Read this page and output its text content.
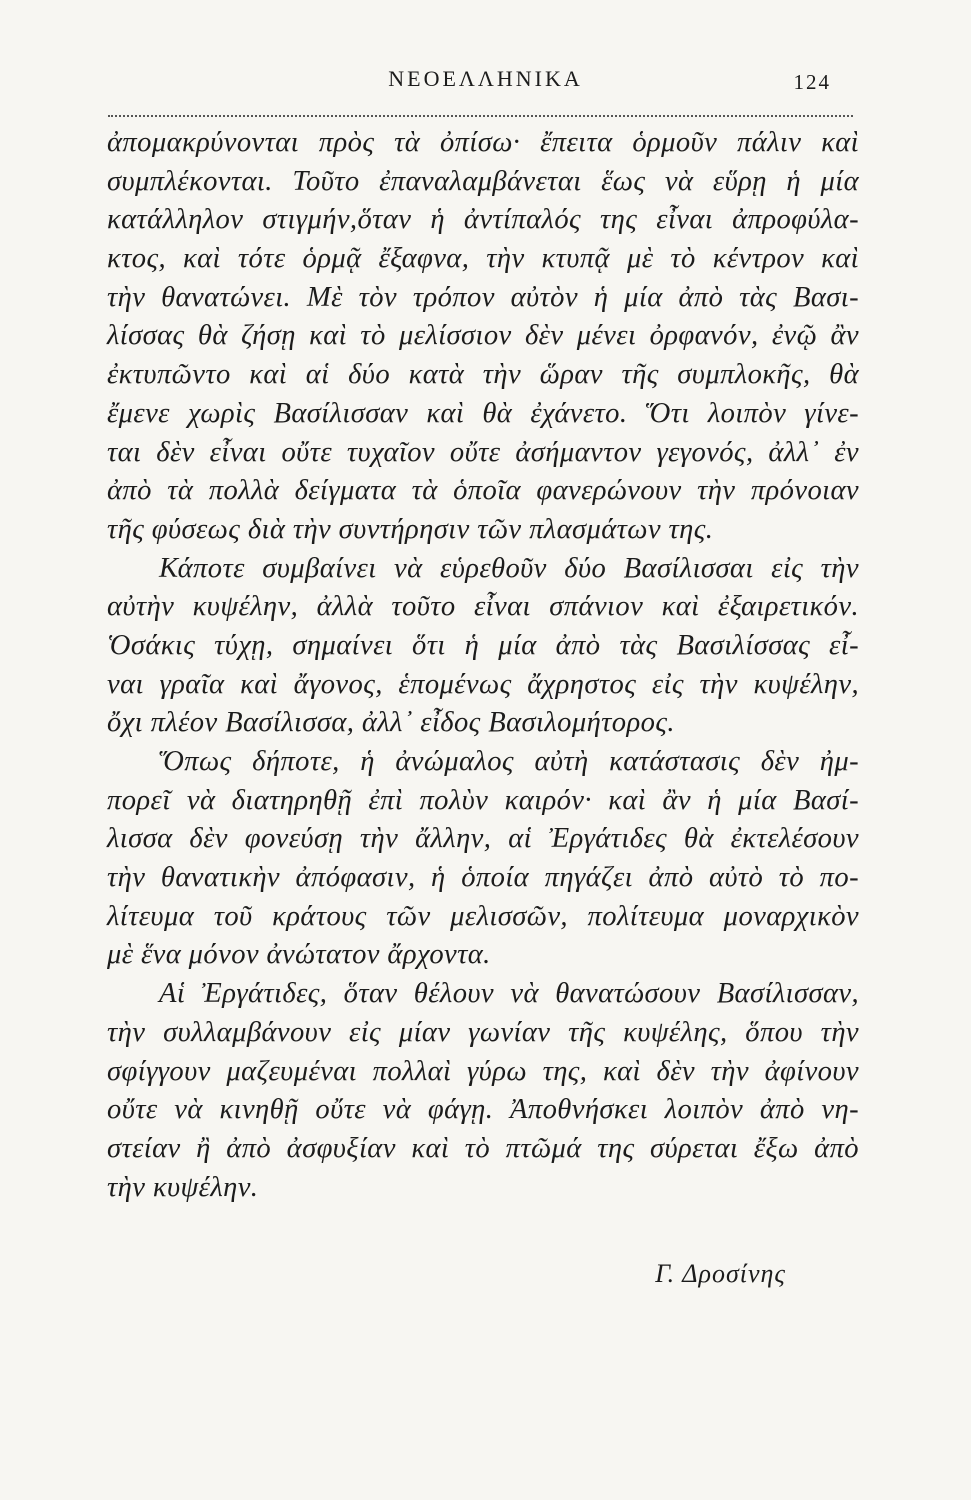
ΝΕΟΕΛΛΗΝΙΚΑ	124
ἀπομακρύνονται πρὸς τὰ ὀπίσω· ἔπειτα ὁρμοῦν πάλιν καὶ
συμπλέκονται. Τοῦτο ἐπαναλαμβάνεται ἕως νὰ εὕρῃ ἡ μία
κατάλληλον στιγμήν,ὅταν ἡ ἀντίπαλός της εἶναι ἀπροφύλα-
κτος, καὶ τότε ὁρμᾷ ἔξαφνα, τὴν κτυπᾷ μὲ τὸ κέντρον καὶ
τὴν θανατώνει. Μὲ τὸν τρόπον αὐτὸν ἡ μία ἀπὸ τὰς Βασι-
λίσσας θὰ ζήσῃ καὶ τὸ μελίσσιον δὲν μένει ὀρφανόν, ἐνῷ ἂν
ἐκτυπῶντο καὶ αἱ δύο κατὰ τὴν ὥραν τῆς συμπλοκῆς, θὰ
ἔμενε χωρὶς Βασίλισσαν καὶ θὰ ἐχάνετο. Ὅτι λοιπὸν γίνε-
ται δὲν εἶναι οὔτε τυχαῖον οὔτε ἀσήμαντον γεγονός, ἀλλ᾽ ἐν
ἀπὸ τὰ πολλὰ δείγματα τὰ ὁποῖα φανερώνουν τὴν πρόνοιαν
τῆς φύσεως διὰ τὴν συντήρησιν τῶν πλασμάτων της.
Κάποτε συμβαίνει νὰ εὑρεθοῦν δύο Βασίλισσαι εἰς τὴν
αὐτὴν κυψέλην, ἀλλὰ τοῦτο εἶναι σπάνιον καὶ ἐξαιρετικόν.
Ὁσάκις τύχῃ, σημαίνει ὅτι ἡ μία ἀπὸ τὰς Βασιλίσσας εἶ-
ναι γραῖα καὶ ἄγονος, ἑπομένως ἄχρηστος εἰς τὴν κυψέλην,
ὄχι πλέον Βασίλισσα, ἀλλ᾽ εἶδος Βασιλομήτορος.
Ὅπως δήποτε, ἡ ἀνώμαλος αὐτὴ κατάστασις δὲν ἠμ-
πορεῖ νὰ διατηρηθῇ ἐπὶ πολὺν καιρόν· καὶ ἂν ἡ μία Βασί-
λισσα δὲν φονεύσῃ τὴν ἄλλην, αἱ Ἐργάτιδες θὰ ἐκτελέσουν
τὴν θανατικὴν ἀπόφασιν, ἡ ὁποία πηγάζει ἀπὸ αὐτὸ τὸ πο-
λίτευμα τοῦ κράτους τῶν μελισσῶν, πολίτευμα μοναρχικὸν
μὲ ἕνα μόνον ἀνώτατον ἄρχοντα.
Αἱ Ἐργάτιδες, ὅταν θέλουν νὰ θανατώσουν Βασίλισσαν,
τὴν συλλαμβάνουν εἰς μίαν γωνίαν τῆς κυψέλης, ὅπου τὴν
σφίγγουν μαζευμέναι πολλαὶ γύρω της, καὶ δὲν τὴν ἀφίνουν
οὔτε νὰ κινηθῇ οὔτε νὰ φάγῃ. Ἀποθνήσκει λοιπὸν ἀπὸ νη-
στείαν ἢ ἀπὸ ἀσφυξίαν καὶ τὸ πτῶμά της σύρεται ἔξω ἀπὸ
τὴν κυψέλην.
Γ. Δροσίνης
